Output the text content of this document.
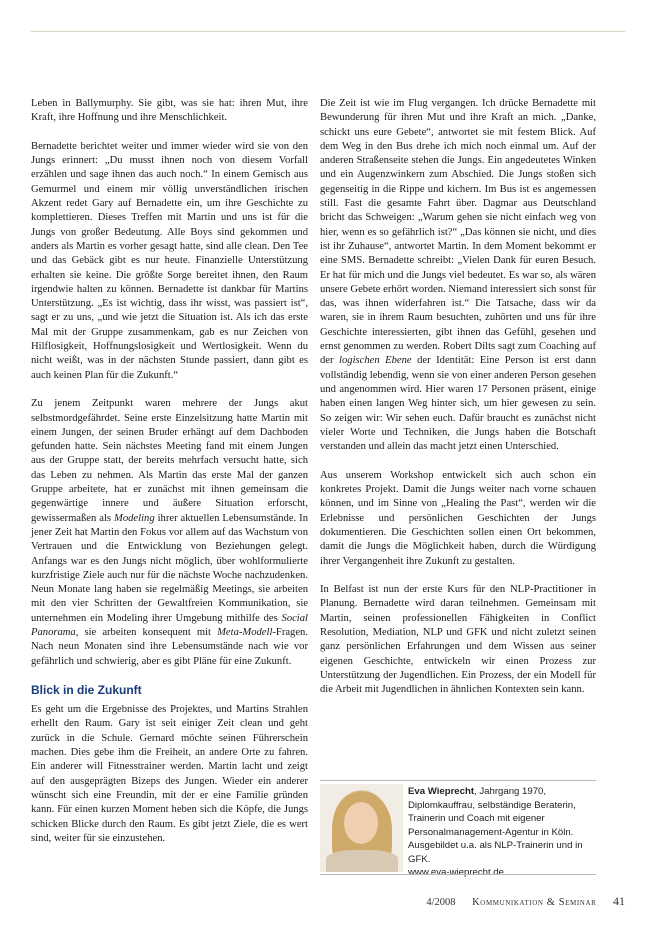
Leben in Ballymurphy. Sie gibt, was sie hat: ihren Mut, ihre Kraft, ihre Hoffnung und ihre Menschlichkeit.

Bernadette berichtet weiter und immer wieder wird sie von den Jungs erinnert: „Du musst ihnen noch von diesem Vorfall erzählen und sage ihnen das auch noch.“ In einem Gemisch aus Gemurmel und einem mir völlig unverständlichen irischen Akzent redet Gary auf Bernadette ein, um ihre Geschichte zu komplettieren. Dieses Treffen mit Martin und uns ist für die Jungs von großer Bedeutung. Alle Boys sind gekommen und anders als Martin es vorher gesagt hatte, sind alle clean. Den Tee und das Gebäck gibt es nur heute. Finanzielle Unterstützung erhalten sie keine. Die größte Sorge bereitet ihnen, den Raum irgendwie halten zu können. Bernadette ist dankbar für Martins Unterstützung. „Es ist wichtig, dass ihr wisst, was passiert ist“, sagt er zu uns, „und wie jetzt die Situation ist. Als ich das erste Mal mit der Gruppe zusammenkam, gab es nur Zeichen von Hilflosigkeit, Hoffnungslosigkeit und Wertlosigkeit. Wenn du nicht weißt, was in der nächsten Stunde passiert, dann gibt es auch keinen Plan für die Zukunft.“

Zu jenem Zeitpunkt waren mehrere der Jungs akut selbstmordgefährdet. Seine erste Einzelsitzung hatte Martin mit einem Jungen, der seinen Bruder erhängt auf dem Dachboden gefunden hatte. Sein nächstes Meeting fand mit einem Jungen aus der Gruppe statt, der bereits mehrfach versucht hatte, sich das Leben zu nehmen. Als Martin das erste Mal der ganzen Gruppe arbeitete, hat er zunächst mit ihnen gemeinsam die gegenwärtige innere und äußere Situation erforscht, gewissermaßen als Modeling ihrer aktuellen Lebensumstände. In jener Zeit hat Martin den Fokus vor allem auf das Wachstum von Vertrauen und die Entwicklung von Beziehungen gelegt. Anfangs war es den Jungs nicht möglich, über wohlformulierte kurzfristige Ziele auch nur für die nächste Woche nachzudenken. Neun Monate lang haben sie regelmäßig Meetings, sie arbeiten mit den vier Schritten der Gewaltfreien Kommunikation, sie unternehmen ein Modeling ihrer Umgebung mithilfe des Social Panorama, sie arbeiten konsequent mit Meta-Modell-Fragen. Nach neun Monaten sind ihre Lebensumstände nach wie vor gefährlich und schwierig, aber es gibt Pläne für eine Zukunft.

Blick in die Zukunft

Es geht um die Ergebnisse des Projektes, und Martins Strahlen erhellt den Raum. Gary ist seit einiger Zeit clean und geht zurück in die Schule. Gernard möchte seinen Führerschein machen. Dies gebe ihm die Freiheit, an andere Orte zu fahren. Ein anderer will Fitnesstrainer werden. Martin lacht und zeigt auf den ausgeprägten Bizeps des Jungen. Wieder ein anderer wünscht sich eine Freundin, mit der er eine Familie gründen kann. Für einen kurzen Moment heben sich die Köpfe, die Jungs schicken Blicke durch den Raum. Es gibt jetzt Ziele, die es wert sind, weiter für sie einzustehen.

Die Zeit ist wie im Flug vergangen. Ich drücke Bernadette mit Bewunderung für ihren Mut und ihre Kraft an mich. „Danke, schickt uns eure Gebete“, antwortet sie mit festem Blick. Auf dem Weg in den Bus drehe ich mich noch einmal um. Auf der anderen Straßenseite stehen die Jungs. Ein angedeutetes Winken und ein Augenzwinkern zum Abschied. Die Jungs stoßen sich gegenseitig in die Rippe und kichern. Im Bus ist es angemessen still. Fast die gesamte Fahrt über. Dagmar aus Deutschland bricht das Schweigen: „Warum gehen sie nicht einfach weg von hier, wenn es so gefährlich ist?“ „Das können sie nicht, und dies ist ihr Zuhause“, antwortet Martin. In dem Moment bekommt er eine SMS. Bernadette schreibt: „Vielen Dank für euren Besuch. Er hat für mich und die Jungs viel bedeutet. Es war so, als wären unsere Gebete erhört worden. Niemand interessiert sich sonst für das, was ihnen widerfahren ist.“ Die Tatsache, dass wir da waren, sie in ihrem Raum besuchten, zuhörten und uns für ihre Geschichte interessierten, gibt ihnen das Gefühl, gesehen und ernst genommen zu werden. Robert Dilts sagt zum Coaching auf der logischen Ebene der Identität: Eine Person ist erst dann vollständig lebendig, wenn sie von einer anderen Person gesehen und angenommen wird. Hier waren 17 Personen präsent, einige haben einen langen Weg hinter sich, um hier gewesen zu sein. So zeigen wir: Wir sehen euch. Dafür braucht es zunächst nicht vieler Worte und Techniken, die Jungs haben die Botschaft verstanden und allein das macht jetzt einen Unterschied.

Aus unserem Workshop entwickelt sich auch schon ein konkretes Projekt. Damit die Jungs weiter nach vorne schauen können, und im Sinne von „Healing the Past“, werden wir die Erlebnisse und persönlichen Geschichten der Jungs dokumentieren. Die Geschichten sollen einen Ort bekommen, damit die Jungs die Möglichkeit haben, durch die Würdigung ihrer Vergangenheit ihre Zukunft zu gestalten.

In Belfast ist nun der erste Kurs für den NLP-Practitioner in Planung. Bernadette wird daran teilnehmen. Gemeinsam mit Martin, seinen professionellen Fähigkeiten in Conflict Resolution, Mediation, NLP und GFK und nicht zuletzt seinen ganz persönlichen Erfahrungen und dem Wissen aus seiner eigenen Geschichte, entwickeln wir einen Prozess zur Unterstützung der Jugendlichen. Ein Prozess, der ein Modell für die Arbeit mit Jugendlichen in ähnlichen Kontexten sein kann.

Eva Wieprecht, Jahrgang 1970, Diplomkauffrau, selbständige Beraterin, Trainerin und Coach mit eigener Personalmanagement-Agentur in Köln. Ausgebildet u.a. als NLP-Trainerin und in GFK.
www.eva-wieprecht.de
4/2008 Kommunikation & Seminar 41
